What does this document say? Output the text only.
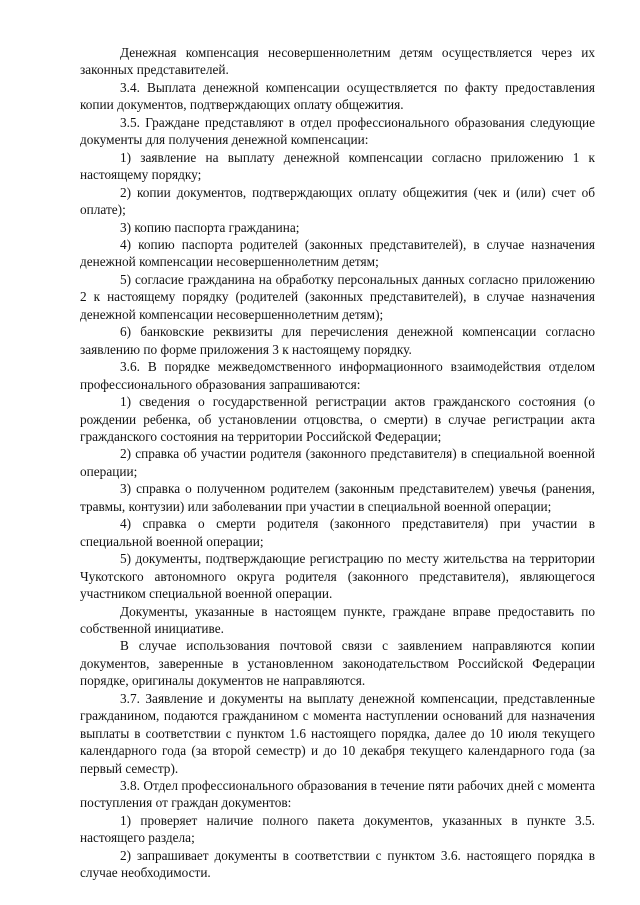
Денежная компенсация несовершеннолетним детям осуществляется через их законных представителей.

3.4. Выплата денежной компенсации осуществляется по факту предоставления копии документов, подтверждающих оплату общежития.

3.5. Граждане представляют в отдел профессионального образования следующие документы для получения денежной компенсации:

1) заявление на выплату денежной компенсации согласно приложению 1 к настоящему порядку;

2) копии документов, подтверждающих оплату общежития (чек и (или) счет об оплате);

3) копию паспорта гражданина;

4) копию паспорта родителей (законных представителей), в случае назначения денежной компенсации несовершеннолетним детям;

5) согласие гражданина на обработку персональных данных согласно приложению 2 к настоящему порядку (родителей (законных представителей), в случае назначения денежной компенсации несовершеннолетним детям);

6) банковские реквизиты для перечисления денежной компенсации согласно заявлению по форме приложения 3 к настоящему порядку.

3.6. В порядке межведомственного информационного взаимодействия отделом профессионального образования запрашиваются:

1) сведения о государственной регистрации актов гражданского состояния (о рождении ребенка, об установлении отцовства, о смерти) в случае регистрации акта гражданского состояния на территории Российской Федерации;

2) справка об участии родителя (законного представителя) в специальной военной операции;

3) справка о полученном родителем (законным представителем) увечья (ранения, травмы, контузии) или заболевании при участии в специальной военной операции;

4) справка о смерти родителя (законного представителя) при участии в специальной военной операции;

5) документы, подтверждающие регистрацию по месту жительства на территории Чукотского автономного округа родителя (законного представителя), являющегося участником специальной военной операции.

Документы, указанные в настоящем пункте, граждане вправе предоставить по собственной инициативе.

В случае использования почтовой связи с заявлением направляются копии документов, заверенные в установленном законодательством Российской Федерации порядке, оригиналы документов не направляются.

3.7. Заявление и документы на выплату денежной компенсации, представленные гражданином, подаются гражданином с момента наступлении оснований для назначения выплаты в соответствии с пунктом 1.6 настоящего порядка, далее до 10 июля текущего календарного года (за второй семестр) и до 10 декабря текущего календарного года (за первый семестр).

3.8. Отдел профессионального образования в течение пяти рабочих дней с момента поступления от граждан документов:

1) проверяет наличие полного пакета документов, указанных в пункте 3.5. настоящего раздела;

2) запрашивает документы в соответствии с пунктом 3.6. настоящего порядка в случае необходимости.
